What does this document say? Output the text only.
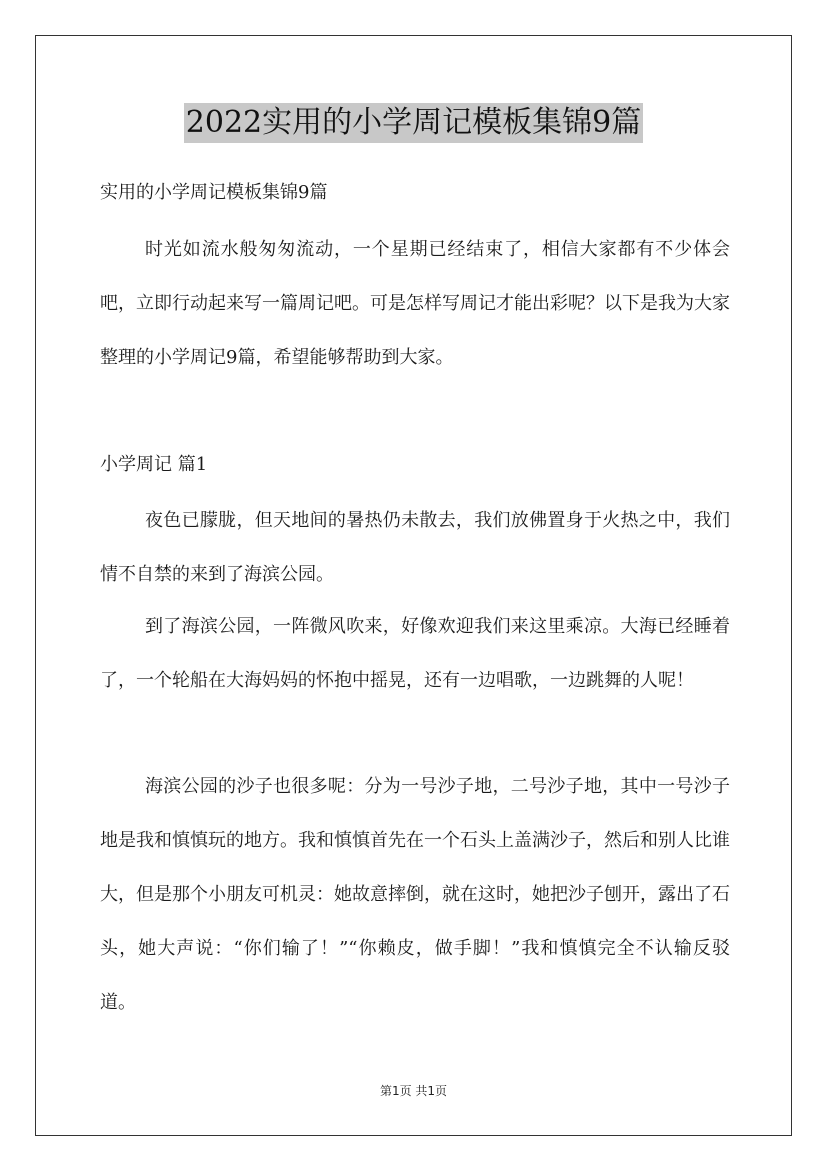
2022实用的小学周记模板集锦9篇
实用的小学周记模板集锦9篇
时光如流水般匆匆流动，一个星期已经结束了，相信大家都有不少体会吧，立即行动起来写一篇周记吧。可是怎样写周记才能出彩呢？以下是我为大家整理的小学周记9篇，希望能够帮助到大家。
小学周记 篇1
夜色已朦胧，但天地间的暑热仍未散去，我们放佛置身于火热之中，我们情不自禁的来到了海滨公园。
到了海滨公园，一阵微风吹来，好像欢迎我们来这里乘凉。大海已经睡着了，一个轮船在大海妈妈的怀抱中摇晃，还有一边唱歌，一边跳舞的人呢！
海滨公园的沙子也很多呢：分为一号沙子地，二号沙子地，其中一号沙子地是我和慎慎玩的地方。我和慎慎首先在一个石头上盖满沙子，然后和别人比谁大，但是那个小朋友可机灵：她故意摔倒，就在这时，她把沙子刨开，露出了石头，她大声说：“你们输了！”“你赖皮，做手脚！”我和慎慎完全不认输反驳道。
第1页 共1页
